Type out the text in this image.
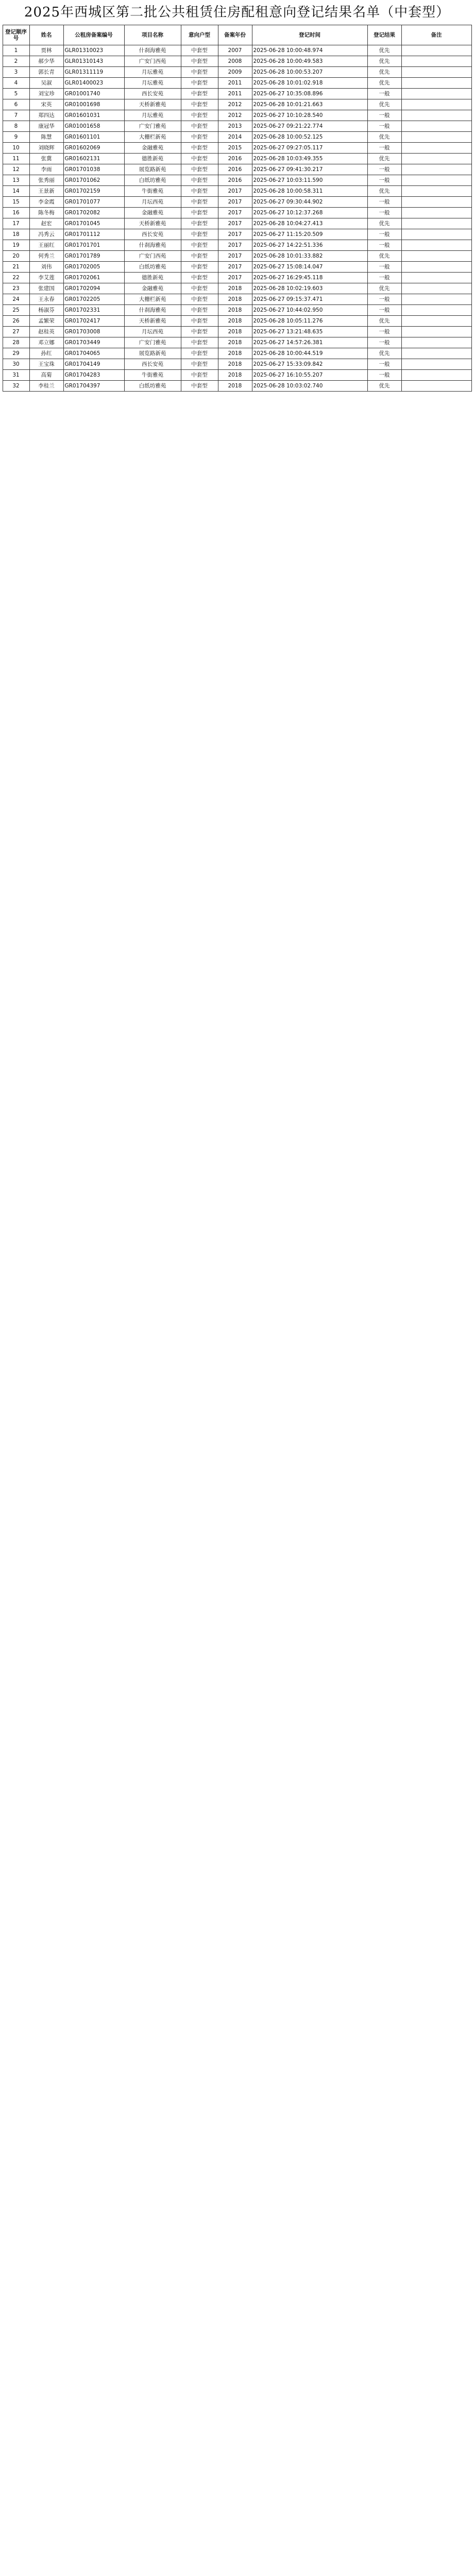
2025年西城区第二批公共租赁住房配租意向登记结果名单（中套型）
登记顺序号	姓名	公租房备案编号	项目名称	意向户型	备案年份	登记时间	登记结果	备注
1	贾林	GLR01310023	什刹海雅苑	中套型	2007	2025-06-28 10:00:48.974	优先	
2	郝少华	GLR01310143	广安门西苑	中套型	2008	2025-06-28 10:00:49.583	优先	
3	郭长青	GLR01311119	月坛雅苑	中套型	2009	2025-06-28 10:00:53.207	优先	
4	吴淑	GLR01400023	月坛雅苑	中套型	2011	2025-06-28 10:01:02.918	优先	
5	刘宝珍	GR01001740	西长安苑	中套型	2011	2025-06-27 10:35:08.896	一般	
6	宋英	GR01001698	天桥新雅苑	中套型	2012	2025-06-28 10:01:21.663	优先	
7	郑四达	GR01601031	月坛雅苑	中套型	2012	2025-06-27 10:10:28.540	一般	
8	康冠华	GR01001658	广安门雅苑	中套型	2013	2025-06-27 09:21:22.774	一般	
9	陈慧	GR01601101	大栅栏新苑	中套型	2014	2025-06-28 10:00:52.125	优先	
10	刘晓辉	GR01602069	金融雅苑	中套型	2015	2025-06-27 09:27:05.117	一般	
11	张冀	GR01602131	德胜新苑	中套型	2016	2025-06-28 10:03:49.355	优先	
12	李雨	GR01701038	展览路新苑	中套型	2016	2025-06-27 09:41:30.217	一般	
13	张秀丽	GR01701062	白纸坊雅苑	中套型	2016	2025-06-27 10:03:11.590	一般	
14	王景新	GR01702159	牛街雅苑	中套型	2017	2025-06-28 10:00:58.311	优先	
15	李金霞	GR01701077	月坛西苑	中套型	2017	2025-06-27 09:30:44.902	一般	
16	陈冬梅	GR01702082	金融雅苑	中套型	2017	2025-06-27 10:12:37.268	一般	
17	赵宏	GR01701045	天桥新雅苑	中套型	2017	2025-06-28 10:04:27.413	优先	
18	冯秀云	GR01701112	西长安苑	中套型	2017	2025-06-27 11:15:20.509	一般	
19	王丽红	GR01701701	什刹海雅苑	中套型	2017	2025-06-27 14:22:51.336	一般	
20	何秀兰	GR01701789	广安门西苑	中套型	2017	2025-06-28 10:01:33.882	优先	
21	刘伟	GR01702005	白纸坊雅苑	中套型	2017	2025-06-27 15:08:14.047	一般	
22	李艾莲	GR01702061	德胜新苑	中套型	2017	2025-06-27 16:29:45.118	一般	
23	张建国	GR01702094	金融雅苑	中套型	2018	2025-06-28 10:02:19.603	优先	
24	王永春	GR01702205	大栅栏新苑	中套型	2018	2025-06-27 09:15:37.471	一般	
25	杨淑芬	GR01702331	什刹海雅苑	中套型	2018	2025-06-27 10:44:02.950	一般	
26	孟繁荣	GR01702417	天桥新雅苑	中套型	2018	2025-06-28 10:05:11.276	优先	
27	赵桂英	GR01703008	月坛西苑	中套型	2018	2025-06-27 13:21:48.635	一般	
28	邓立娜	GR01703449	广安门雅苑	中套型	2018	2025-06-27 14:57:26.381	一般	
29	孙红	GR01704065	展览路新苑	中套型	2018	2025-06-28 10:00:44.519	优先	
30	王宝珠	GR01704149	西长安苑	中套型	2018	2025-06-27 15:33:09.842	一般	
31	高菊	GR01704283	牛街雅苑	中套型	2018	2025-06-27 16:10:55.207	一般	
32	李桂兰	GR01704397	白纸坊雅苑	中套型	2018	2025-06-28 10:03:02.740	优先	
